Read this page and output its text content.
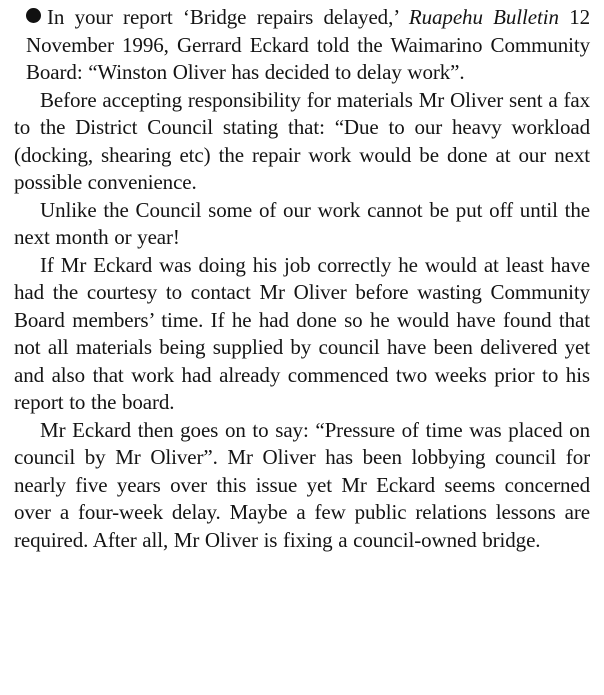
In your report ‘Bridge repairs delayed,’ Ruapehu Bulletin 12 November 1996, Gerrard Eckard told the Waimarino Community Board: “Winston Oliver has decided to delay work”.

Before accepting responsibility for materials Mr Oliver sent a fax to the District Council stating that: “Due to our heavy workload (docking, shearing etc) the repair work would be done at our next possible convenience.

Unlike the Council some of our work cannot be put off until the next month or year!

If Mr Eckard was doing his job correctly he would at least have had the courtesy to contact Mr Oliver before wasting Community Board members’ time. If he had done so he would have found that not all materials being supplied by council have been delivered yet and also that work had already commenced two weeks prior to his report to the board.

Mr Eckard then goes on to say: “Pressure of time was placed on council by Mr Oliver”. Mr Oliver has been lobbying council for nearly five years over this issue yet Mr Eckard seems concerned over a four-week delay. Maybe a few public relations lessons are required. After all, Mr Oliver is fixing a council-owned bridge.
